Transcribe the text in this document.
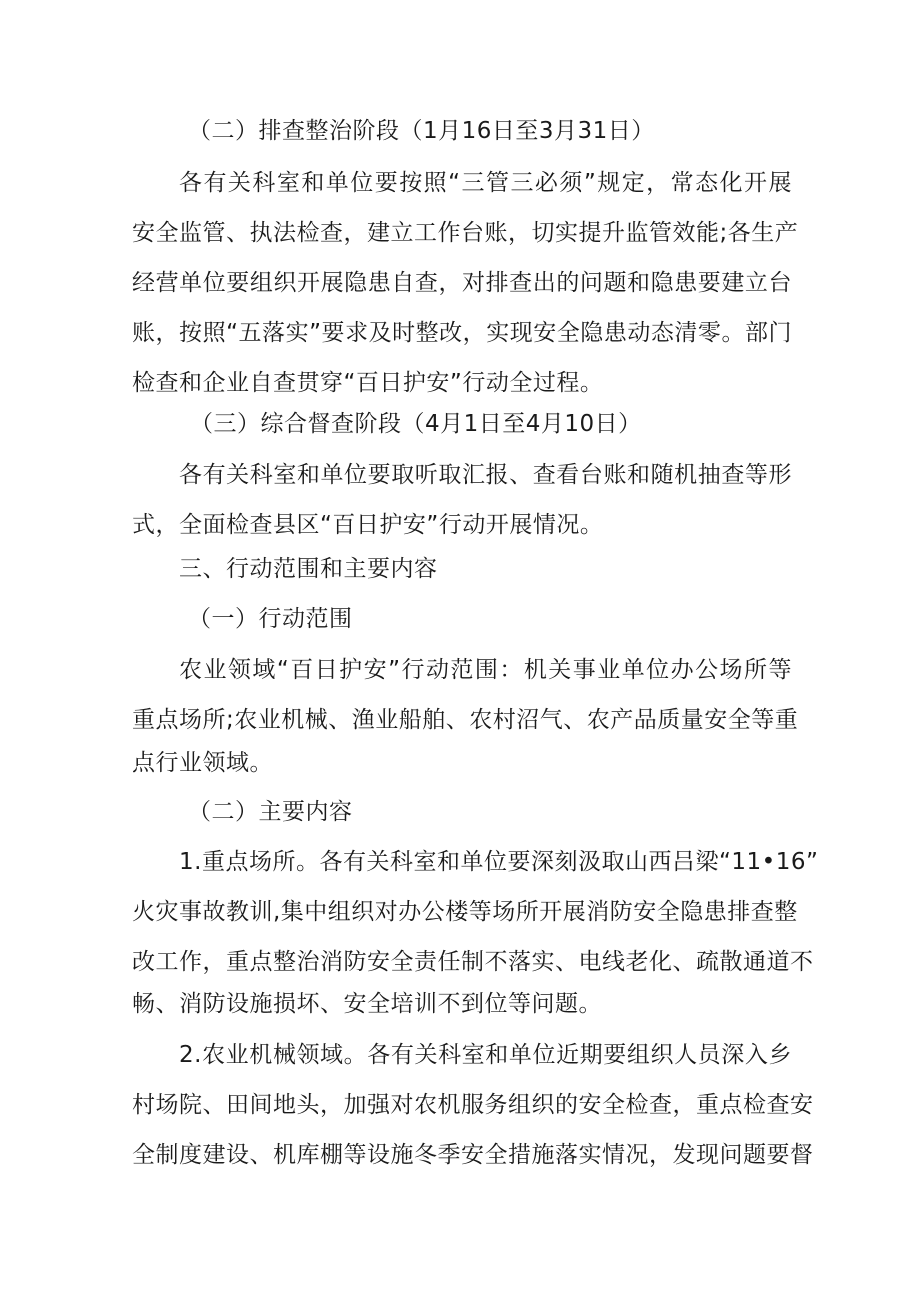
（二）排查整治阶段（1月16日至3月31日）
各有关科室和单位要按照“三管三必须”规定，常态化开展
安全监管、执法检查，建立工作台账，切实提升监管效能;各生产
经营单位要组织开展隐患自查，对排查出的问题和隐患要建立台
账，按照“五落实”要求及时整改，实现安全隐患动态清零。部门
检查和企业自查贯穿“百日护安”行动全过程。
（三）综合督查阶段（4月1日至4月10日）
各有关科室和单位要取听取汇报、查看台账和随机抽查等形
式，全面检查县区“百日护安”行动开展情况。
三、行动范围和主要内容
（一）行动范围
农业领域“百日护安”行动范围：机关事业单位办公场所等
重点场所;农业机械、渔业船舶、农村沼气、农产品质量安全等重
点行业领域。
（二）主要内容
1.重点场所。各有关科室和单位要深刻汲取山西吕梁“11•16”
火灾事故教训,集中组织对办公楼等场所开展消防安全隐患排查整
改工作，重点整治消防安全责任制不落实、电线老化、疏散通道不
畅、消防设施损坏、安全培训不到位等问题。
2.农业机械领域。各有关科室和单位近期要组织人员深入乡
村场院、田间地头，加强对农机服务组织的安全检查，重点检查安
全制度建设、机库棚等设施冬季安全措施落实情况，发现问题要督
